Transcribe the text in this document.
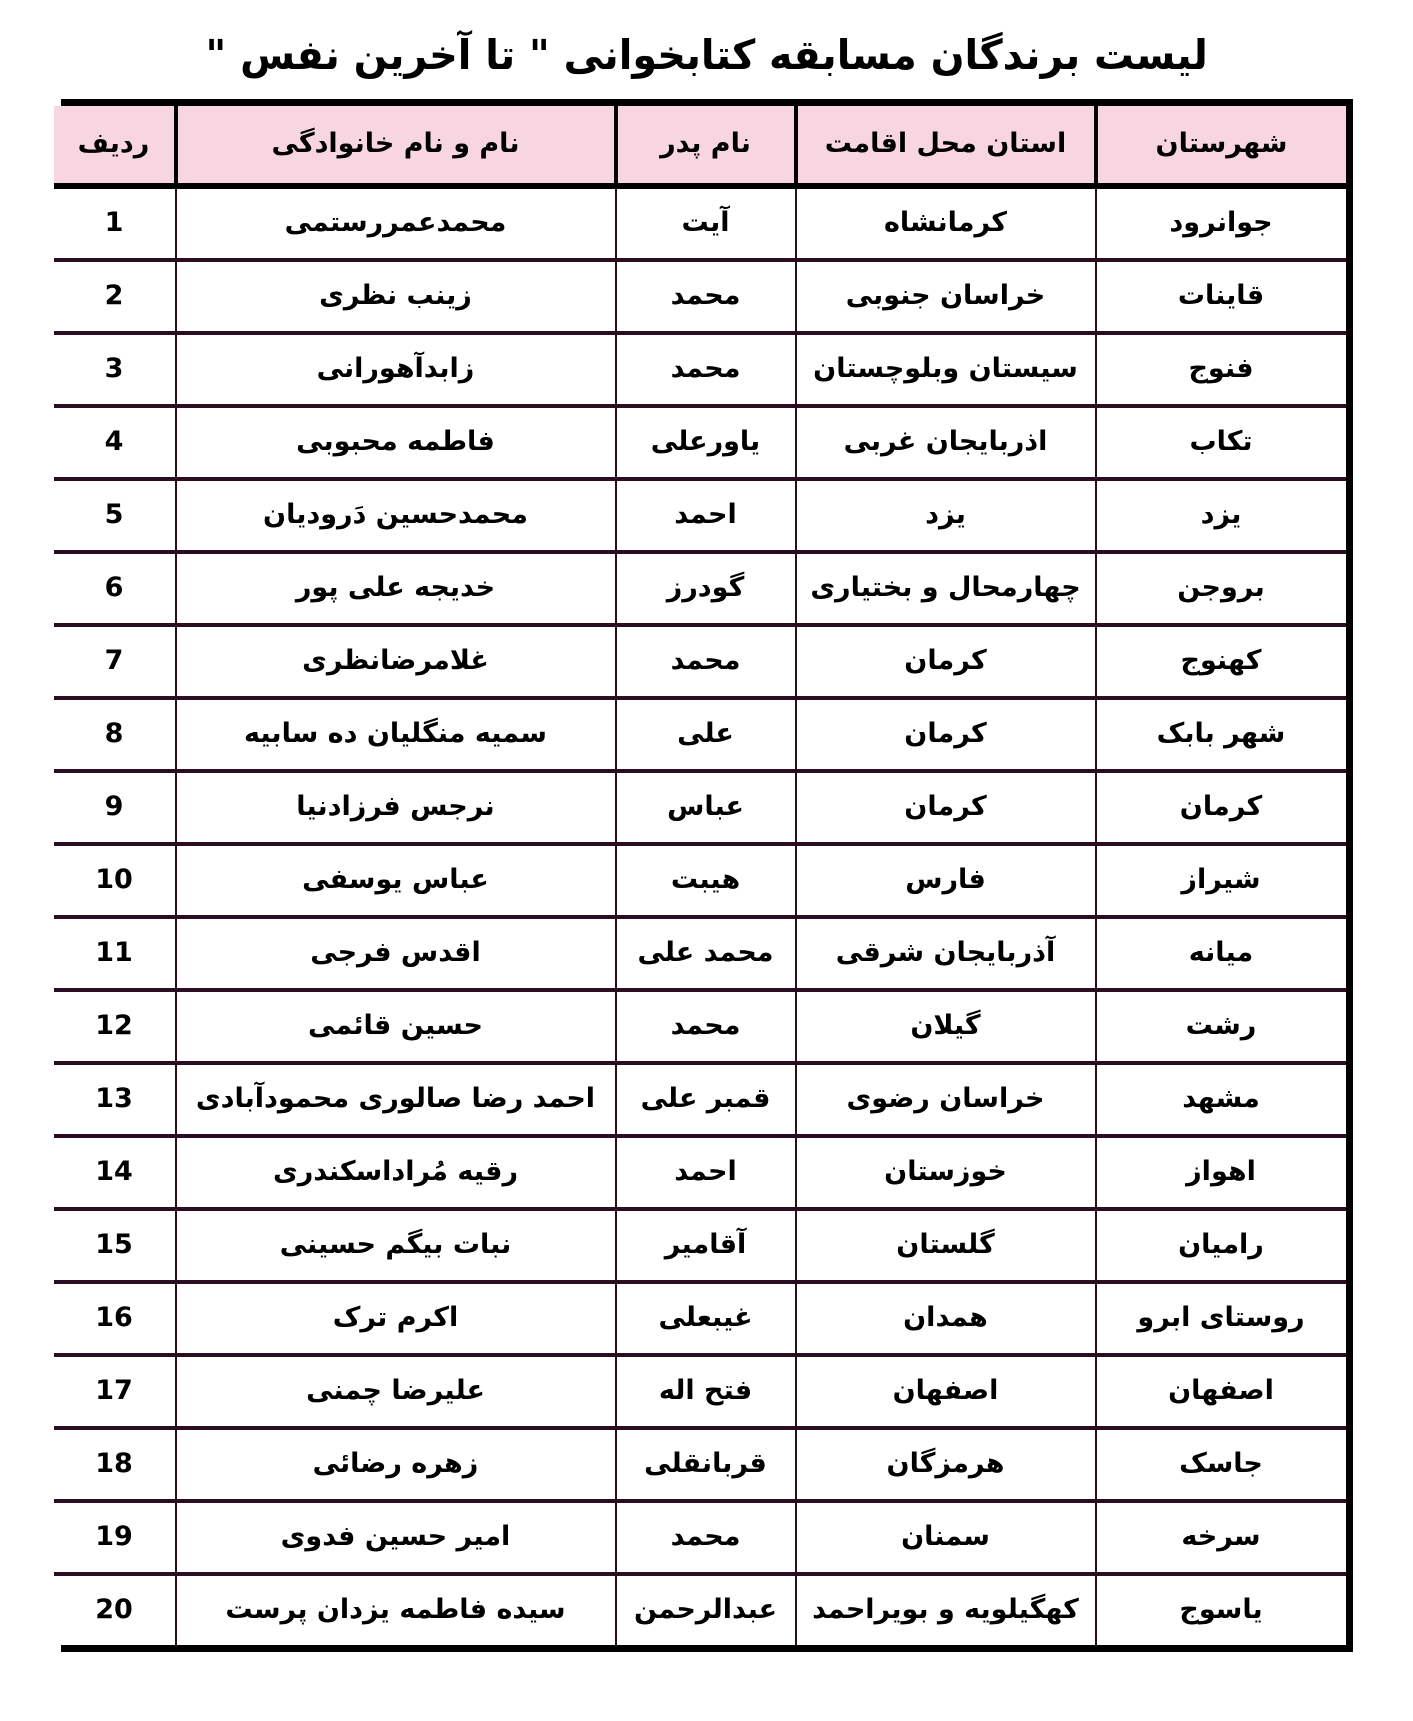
لیست برندگان مسابقه کتابخوانی " تا آخرین نفس "
شهرستان	استان محل اقامت	نام پدر	نام و نام خانوادگی	ردیف
جوانرود	کرمانشاه	آیت	محمدعمررستمی	1
قاینات	خراسان جنوبی	محمد	زینب نظری	2
فنوج	سیستان وبلوچستان	محمد	زابدآهورانی	3
تکاب	اذربایجان غربی	یاورعلی	فاطمه محبوبی	4
یزد	یزد	احمد	محمدحسین دَرودیان	5
بروجن	چهارمحال و بختیاری	گودرز	خدیجه علی پور	6
کهنوج	کرمان	محمد	غلامرضانظری	7
شهر بابک	کرمان	علی	سمیه منگلیان ده سابیه	8
کرمان	کرمان	عباس	نرجس فرزادنیا	9
شیراز	فارس	هیبت	عباس یوسفی	10
میانه	آذربایجان شرقی	محمد علی	اقدس فرجی	11
رشت	گیلان	محمد	حسین قائمی	12
مشهد	خراسان رضوی	قمبر علی	احمد رضا صالوری محمودآبادی	13
اهواز	خوزستان	احمد	رقیه مُراداسکندری	14
رامیان	گلستان	آقامیر	نبات بیگم حسینی	15
روستای ابرو	همدان	غیبعلی	اکرم ترک	16
اصفهان	اصفهان	فتح اله	علیرضا چمنی	17
جاسک	هرمزگان	قربانقلی	زهره رضائی	18
سرخه	سمنان	محمد	امیر حسین فدوی	19
یاسوج	کهگیلویه و بویراحمد	عبدالرحمن	سیده فاطمه یزدان پرست	20
